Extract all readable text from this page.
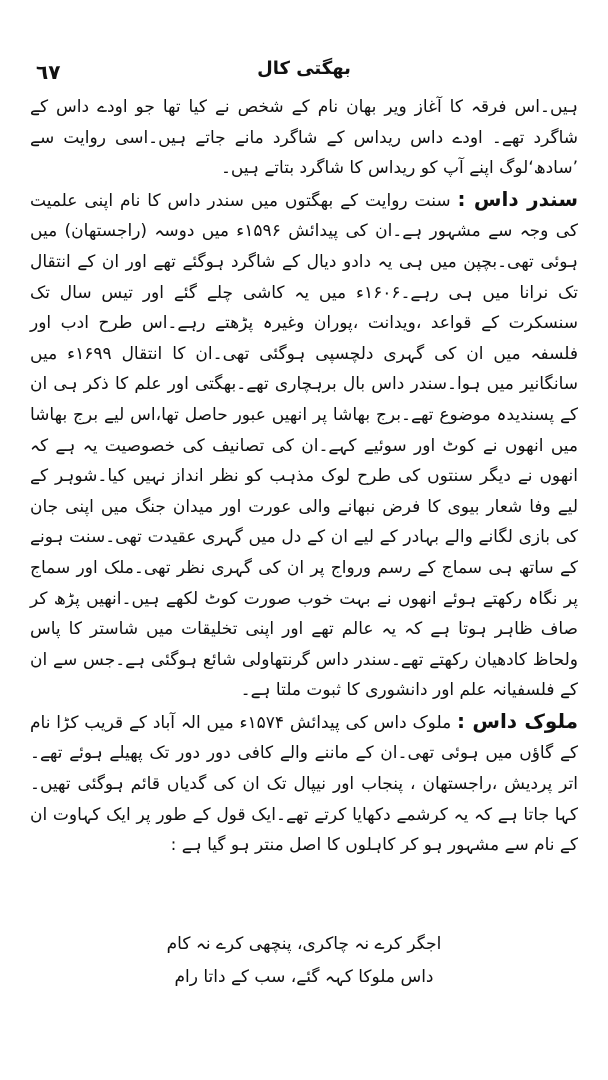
٦٧	بھگتی کال

ہیں۔اس فرقہ کا آغاز ویر بھان نام کے شخص نے کیا تھا جو اودے داس کے شاگرد تھے۔ اودے داس ریداس کے شاگرد مانے جاتے ہیں۔اسی روایت سے ’سادھ‘لوگ اپنے آپ کو ریداس کا شاگرد بتاتے ہیں۔

سندر داس : سنت روایت کے بھگتوں میں سندر داس کا نام اپنی علمیت کی وجہ سے مشہور ہے۔ان کی پیدائش ۱۵۹۶ء میں دوسہ (راجستھان) میں ہوئی تھی۔بچپن میں ہی یہ دادو دیال کے شاگرد ہوگئے تھے اور ان کے انتقال تک نرانا میں ہی رہے۔۱۶۰۶ء میں یہ کاشی چلے گئے اور تیس سال تک سنسکرت کے قواعد ،ویدانت ،پوران وغیرہ پڑھتے رہے۔اس طرح ادب اور فلسفہ میں ان کی گہری دلچسپی ہوگئی تھی۔ان کا انتقال ۱۶۹۹ء میں سانگانیر میں ہوا۔سندر داس بال برہچاری تھے۔بھگتی اور علم کا ذکر ہی ان کے پسندیدہ موضوع تھے۔برج بھاشا پر انھیں عبور حاصل تھا،اس لیے برج بھاشا میں انھوں نے کوٹ اور سوئیے کہے۔ان کی تصانیف کی خصوصیت یہ ہے کہ انھوں نے دیگر سنتوں کی طرح لوک مذہب کو نظر انداز نہیں کیا۔شوہر کے لیے وفا شعار بیوی کا فرض نبھانے والی عورت اور میدان جنگ میں اپنی جان کی بازی لگانے والے بہادر کے لیے ان کے دل میں گہری عقیدت تھی۔سنت ہونے کے ساتھ ہی سماج کے رسم ورواج پر ان کی گہری نظر تھی۔ملک اور سماج پر نگاہ رکھتے ہوئے انھوں نے بہت خوب صورت کوٹ لکھے ہیں۔انھیں پڑھ کر صاف ظاہر ہوتا ہے کہ یہ عالم تھے اور اپنی تخلیقات میں شاستر کا پاس ولحاظ کادھیان رکھتے تھے۔سندر داس گرنتھاولی شائع ہوگئی ہے۔جس سے ان کے فلسفیانہ علم اور دانشوری کا ثبوت ملتا ہے۔

ملوک داس : ملوک داس کی پیدائش ۱۵۷۴ء میں الہ آباد کے قریب کڑا نام کے گاؤں میں ہوئی تھی۔ان کے ماننے والے کافی دور دور تک پھیلے ہوئے تھے۔اتر پردیش ،راجستھان ، پنجاب اور نیپال تک ان کی گدیاں قائم ہوگئی تھیں۔کہا جاتا ہے کہ یہ کرشمے دکھایا کرتے تھے۔ایک قول کے طور پر ایک کہاوت ان کے نام سے مشہور ہو کر کاہلوں کا اصل منتر ہو گیا ہے :

اجگر کرے نہ چاکری، پنچھی کرے نہ کام
داس ملوکا کہہ گئے، سب کے داتا رام
